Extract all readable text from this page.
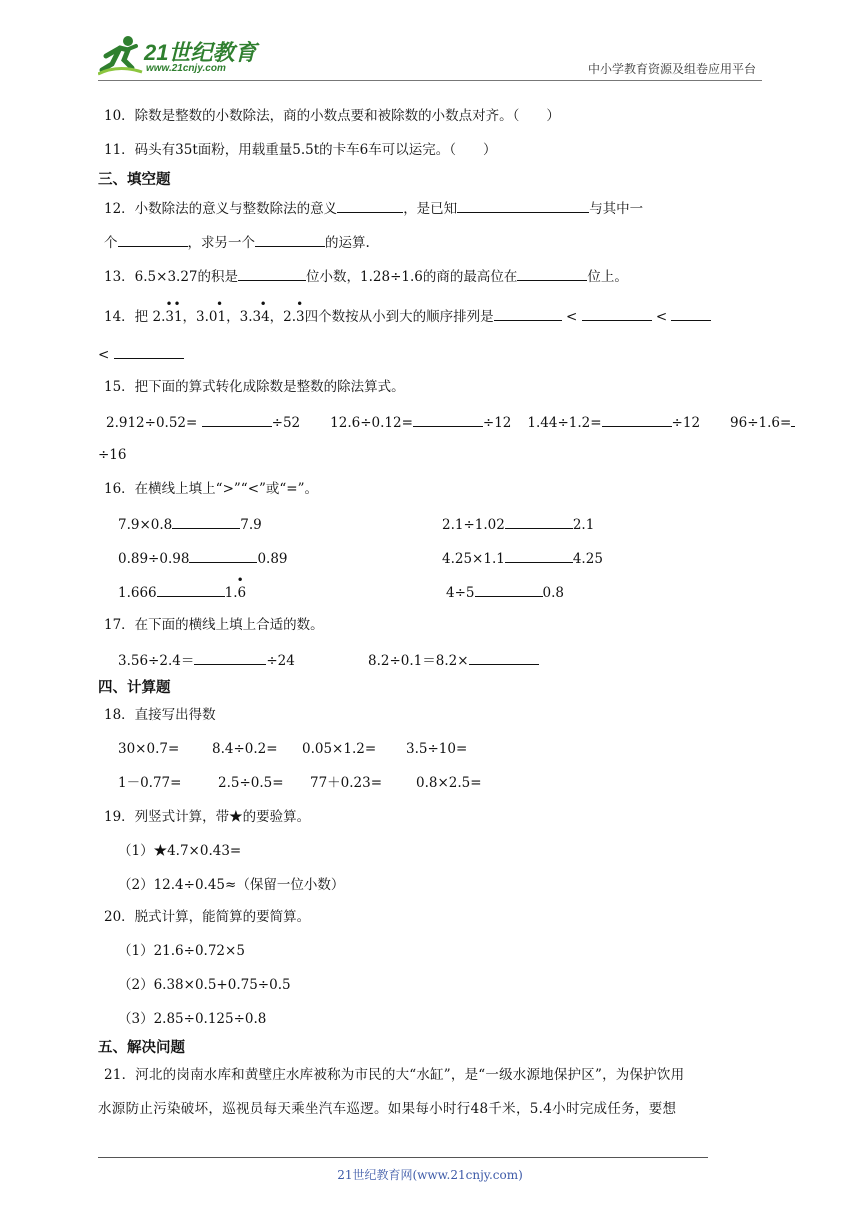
21世纪教育
www.21cnjy.com	中小学教育资源及组卷应用平台
10．除数是整数的小数除法，商的小数点要和被除数的小数点对齐。（　　）
11．码头有35t面粉，用载重量5.5t的卡车6车可以运完。（　　）
三、填空题
12．小数除法的意义与整数除法的意义	，是已知	与其中一
个	，求另一个	的运算.
13．6.5×3.27的积是	位小数，1.28÷1.6的商的最高位在	位上。
14．把
• •
2.31，
•
3.01，
•
3.34，
•
2.3四个数按从小到大的顺序排列是	<	<
<
15．把下面的算式转化成除数是整数的除法算式。
2.912÷0.52=	÷52 12.6÷0.12=	÷12 1.44÷1.2=	÷12 96÷1.6=
÷16
16．在横线上填上“>”“<”或“=”。
7.9×0.8	7.9	2.1÷1.02	2.1
0.89÷0.98	0.89	4.25×1.1	4.25
1.666
•
1.6	4÷5	0.8
17．在下面的横线上填上合适的数。
3.56÷2.4＝	÷24	8.2÷0.1＝8.2×
四、计算题
18．直接写出得数
30×0.7= 8.4÷0.2= 0.05×1.2= 3.5÷10=
1－0.77=	2.5÷0.5= 77＋0.23=	0.8×2.5=
19．列竖式计算，带★的要验算。
（1）★4.7×0.43=
（2）12.4÷0.45≈（保留一位小数）
20．脱式计算，能简算的要简算。
（1）21.6÷0.72×5
（2）6.38×0.5+0.75÷0.5
（3）2.85÷0.125÷0.8
五、解决问题
21．河北的岗南水库和黄壁庄水库被称为市民的大“水缸”，是“一级水源地保护区”，为保护饮用
水源防止污染破坏，巡视员每天乘坐汽车巡逻。如果每小时行48千米，5.4小时完成任务，要想
21世纪教育网(www.21cnjy.com)
